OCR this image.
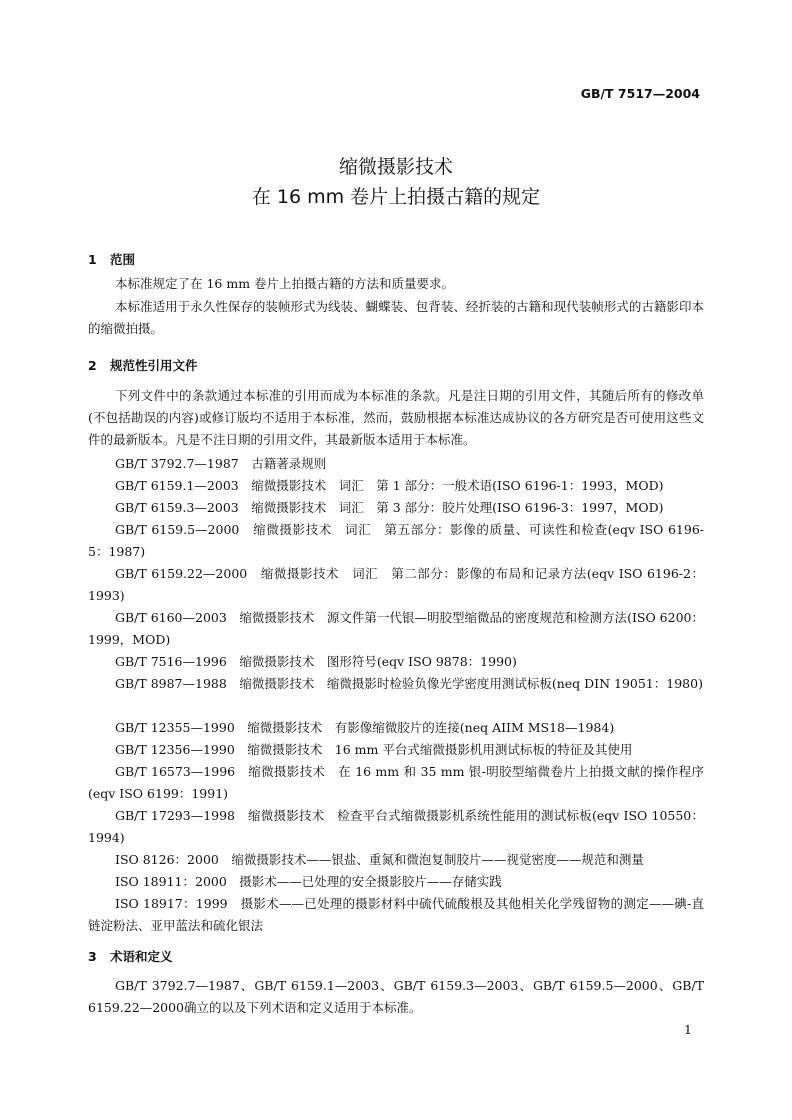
GB/T 7517—2004
缩微摄影技术
在 16 mm 卷片上拍摄古籍的规定
1 范围
本标准规定了在 16 mm 卷片上拍摄古籍的方法和质量要求。
本标准适用于永久性保存的装帧形式为线装、蝴蝶装、包背装、经折装的古籍和现代装帧形式的古籍影印本的缩微拍摄。
2 规范性引用文件
下列文件中的条款通过本标准的引用而成为本标准的条款。凡是注日期的引用文件，其随后所有的修改单(不包括勘误的内容)或修订版均不适用于本标准，然而，鼓励根据本标准达成协议的各方研究是否可使用这些文件的最新版本。凡是不注日期的引用文件，其最新版本适用于本标准。
GB/T 3792.7—1987　古籍著录规则
GB/T 6159.1—2003　缩微摄影技术　词汇　第 1 部分：一般术语(ISO 6196-1：1993，MOD)
GB/T 6159.3—2003　缩微摄影技术　词汇　第 3 部分：胶片处理(ISO 6196-3：1997，MOD)
GB/T 6159.5—2000　缩微摄影技术　词汇　第五部分：影像的质量、可读性和检查(eqv ISO 6196-5：1987)
GB/T 6159.22—2000　缩微摄影技术　词汇　第二部分：影像的布局和记录方法(eqv ISO 6196-2：1993)
GB/T 6160—2003　缩微摄影技术　源文件第一代银—明胶型缩微品的密度规范和检测方法(ISO 6200：1999，MOD)
GB/T 7516—1996　缩微摄影技术　图形符号(eqv ISO 9878：1990)
GB/T 8987—1988　缩微摄影技术　缩微摄影时检验负像光学密度用测试标板(neq DIN 19051：1980)
GB/T 12355—1990　缩微摄影技术　有影像缩微胶片的连接(neq AIIM MS18—1984)
GB/T 12356—1990　缩微摄影技术　16 mm 平台式缩微摄影机用测试标板的特征及其使用
GB/T 16573—1996　缩微摄影技术　在 16 mm 和 35 mm 银-明胶型缩微卷片上拍摄文献的操作程序(eqv ISO 6199：1991)
GB/T 17293—1998　缩微摄影技术　检查平台式缩微摄影机系统性能用的测试标板(eqv ISO 10550：1994)
ISO 8126：2000　缩微摄影技术——银盐、重氮和微泡复制胶片——视觉密度——规范和测量
ISO 18911：2000　摄影术——已处理的安全摄影胶片——存储实践
ISO 18917：1999　摄影术——已处理的摄影材料中硫代硫酸根及其他相关化学残留物的测定——碘-直链淀粉法、亚甲蓝法和硫化银法
3 术语和定义
GB/T 3792.7—1987、GB/T 6159.1—2003、GB/T 6159.3—2003、GB/T 6159.5—2000、GB/T 6159.22—2000确立的以及下列术语和定义适用于本标准。
1
